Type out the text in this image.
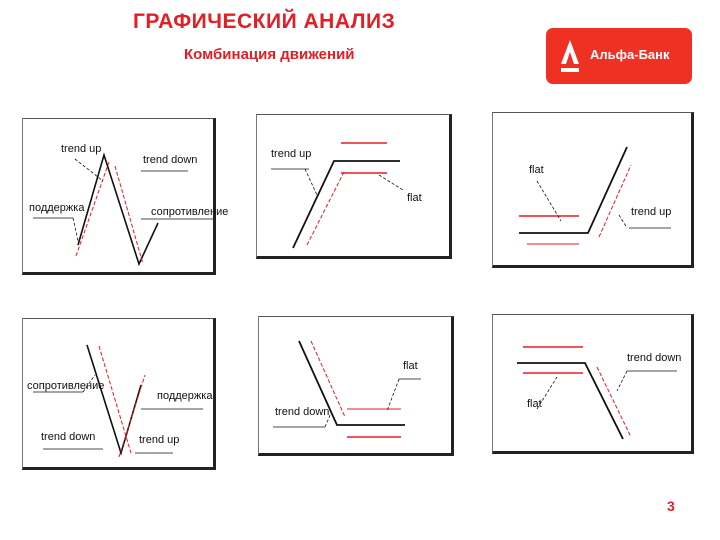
ГРАФИЧЕСКИЙ АНАЛИЗ
Комбинация движений	Альфа-Банк
trend up
trend down
поддержка	сопротивление
trend up
flat
flat
trend up
сопротивление
поддержка
trend down	trend up
flat
trend down
trend down
flat
3
